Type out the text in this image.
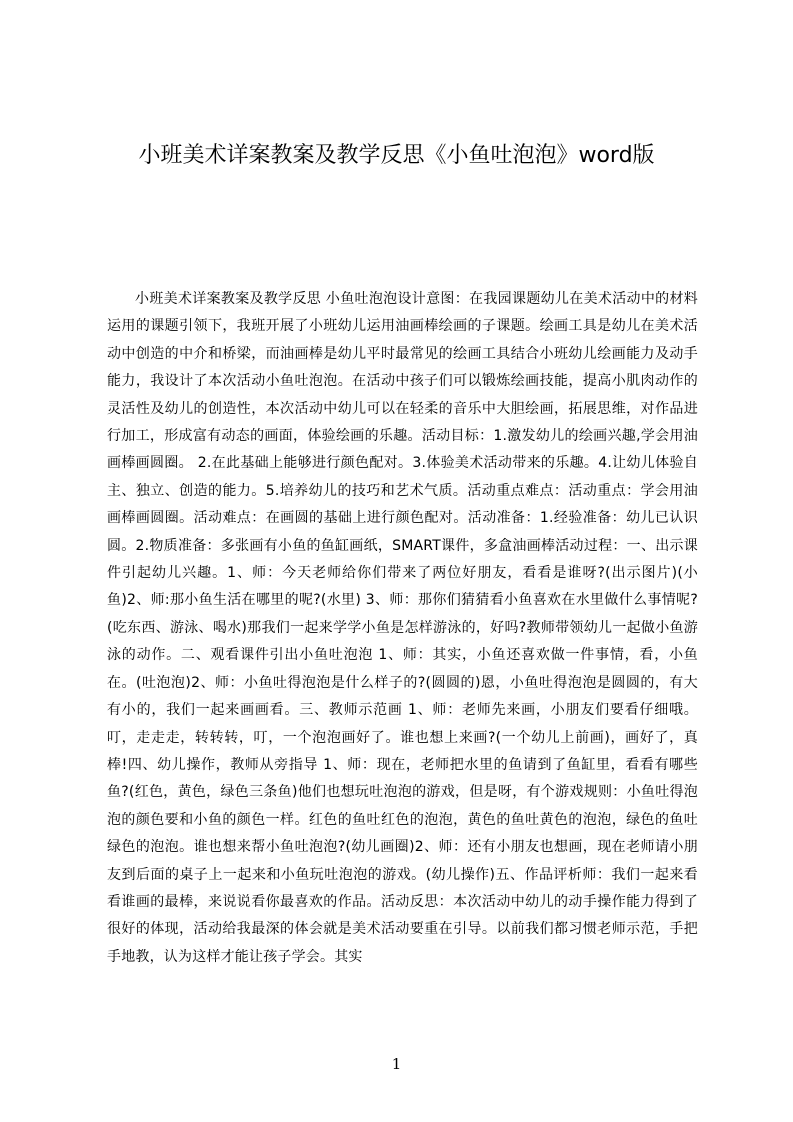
小班美术详案教案及教学反思《小鱼吐泡泡》word版

小班美术详案教案及教学反思 小鱼吐泡泡设计意图：在我园课题幼儿在美术活动中的材料运用的课题引领下，我班开展了小班幼儿运用油画棒绘画的子课题。绘画工具是幼儿在美术活动中创造的中介和桥梁，而油画棒是幼儿平时最常见的绘画工具结合小班幼儿绘画能力及动手能力，我设计了本次活动小鱼吐泡泡。在活动中孩子们可以锻炼绘画技能，提高小肌肉动作的灵活性及幼儿的创造性，本次活动中幼儿可以在轻柔的音乐中大胆绘画，拓展思维，对作品进行加工，形成富有动态的画面，体验绘画的乐趣。活动目标：1.激发幼儿的绘画兴趣,学会用油画棒画圆圈。 2.在此基础上能够进行颜色配对。3.体验美术活动带来的乐趣。4.让幼儿体验自主、独立、创造的能力。5.培养幼儿的技巧和艺术气质。活动重点难点：活动重点：学会用油画棒画圆圈。活动难点：在画圆的基础上进行颜色配对。活动准备：1.经验准备：幼儿已认识圆。2.物质准备：多张画有小鱼的鱼缸画纸，SMART课件，多盒油画棒活动过程：一、出示课件引起幼儿兴趣。1、师：今天老师给你们带来了两位好朋友，看看是谁呀?(出示图片)(小鱼)2、师:那小鱼生活在哪里的呢?(水里) 3、师：那你们猜猜看小鱼喜欢在水里做什么事情呢?(吃东西、游泳、喝水)那我们一起来学学小鱼是怎样游泳的，好吗?教师带领幼儿一起做小鱼游泳的动作。二、观看课件引出小鱼吐泡泡 1、师：其实，小鱼还喜欢做一件事情，看，小鱼在。(吐泡泡)2、师：小鱼吐得泡泡是什么样子的?(圆圆的)恩，小鱼吐得泡泡是圆圆的，有大有小的，我们一起来画画看。三、教师示范画 1、师：老师先来画，小朋友们要看仔细哦。叮，走走走，转转转，叮，一个泡泡画好了。谁也想上来画?(一个幼儿上前画)，画好了，真棒!四、幼儿操作，教师从旁指导 1、师：现在，老师把水里的鱼请到了鱼缸里，看看有哪些鱼?(红色，黄色，绿色三条鱼)他们也想玩吐泡泡的游戏，但是呀，有个游戏规则：小鱼吐得泡泡的颜色要和小鱼的颜色一样。红色的鱼吐红色的泡泡，黄色的鱼吐黄色的泡泡，绿色的鱼吐绿色的泡泡。谁也想来帮小鱼吐泡泡?(幼儿画圈)2、师：还有小朋友也想画，现在老师请小朋友到后面的桌子上一起来和小鱼玩吐泡泡的游戏。(幼儿操作)五、作品评析师：我们一起来看看谁画的最棒，来说说看你最喜欢的作品。活动反思：本次活动中幼儿的动手操作能力得到了很好的体现，活动给我最深的体会就是美术活动要重在引导。以前我们都习惯老师示范，手把手地教，认为这样才能让孩子学会。其实

1
